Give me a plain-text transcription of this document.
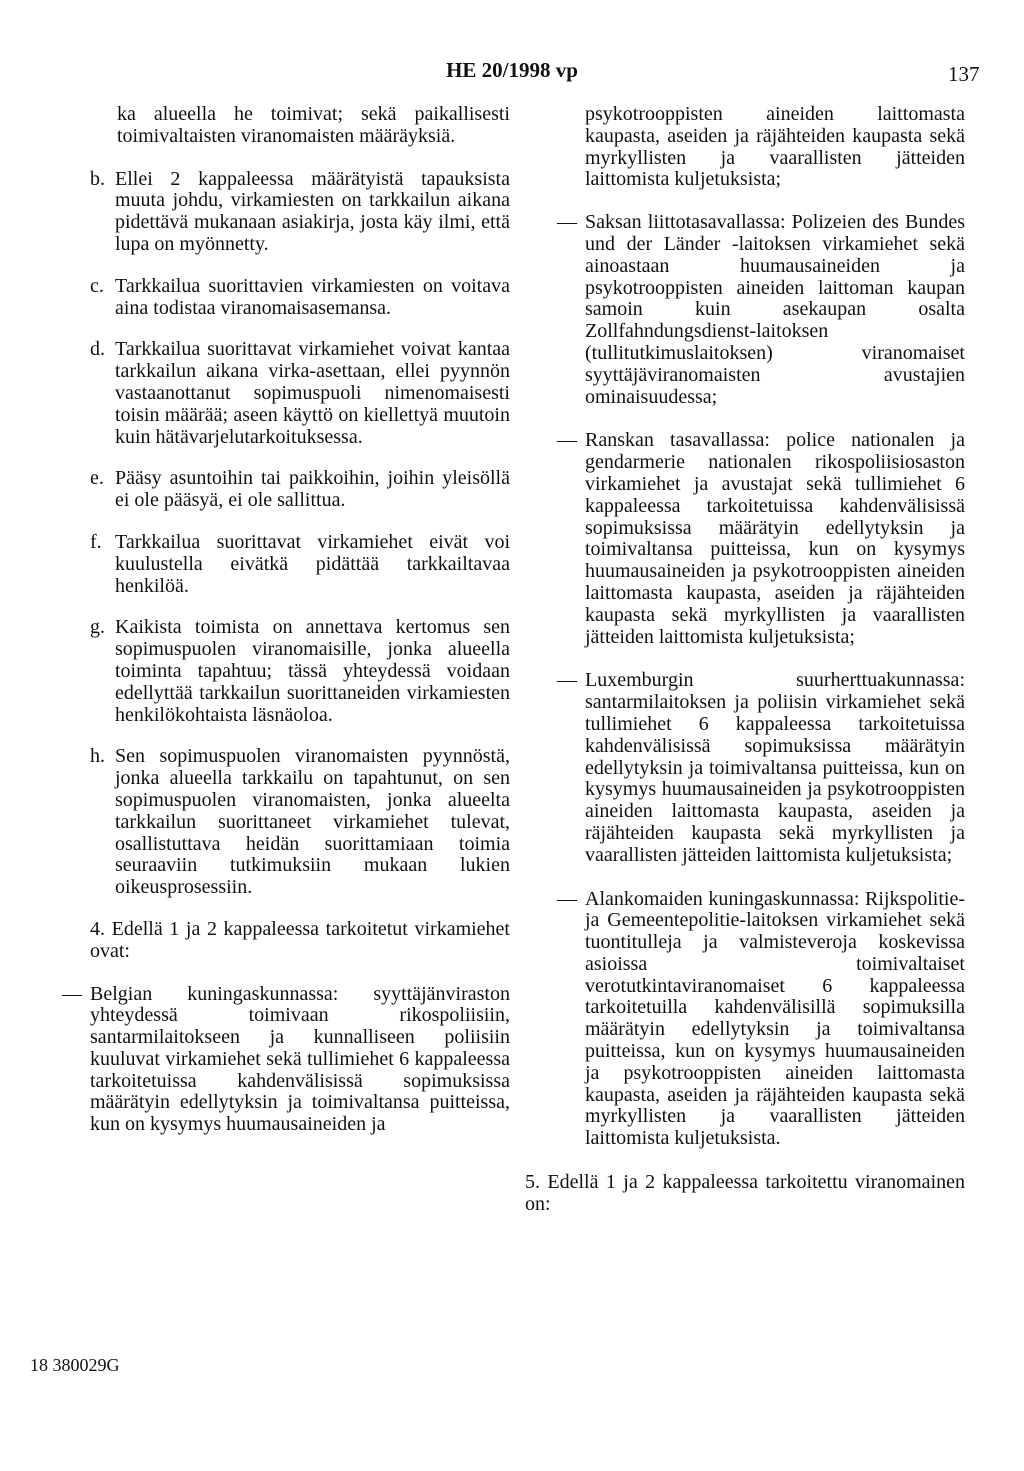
HE 20/1998 vp	137

ka alueella he toimivat; sekä paikallisesti toimivaltaisten viranomaisten määräyksiä.

b. Ellei 2 kappaleessa määrätyistä tapauksista muuta johdu, virkamiesten on tarkkailun aikana pidettävä mukanaan asiakirja, josta käy ilmi, että lupa on myönnetty.
c. Tarkkailua suorittavien virkamiesten on voitava aina todistaa viranomaisasemansa.
d. Tarkkailua suorittavat virkamiehet voivat kantaa tarkkailun aikana virka-asettaan, ellei pyynnön vastaanottanut sopimuspuoli nimenomaisesti toisin määrää; aseen käyttö on kiellettyä muutoin kuin hätävarjelutarkoituksessa.
e. Pääsy asuntoihin tai paikkoihin, joihin yleisöllä ei ole pääsyä, ei ole sallittua.
f. Tarkkailua suorittavat virkamiehet eivät voi kuulustella eivätkä pidättää tarkkailtavaa henkilöä.
g. Kaikista toimista on annettava kertomus sen sopimuspuolen viranomaisille, jonka alueella toiminta tapahtuu; tässä yhteydessä voidaan edellyttää tarkkailun suorittaneiden virkamiesten henkilökohtaista läsnäoloa.
h. Sen sopimuspuolen viranomaisten pyynnöstä, jonka alueella tarkkailu on tapahtunut, on sen sopimuspuolen viranomaisten, jonka alueelta tarkkailun suorittaneet virkamiehet tulevat, osallistuttava heidän suorittamiaan toimia seuraaviin tutkimuksiin mukaan lukien oikeusprosessiin.

4. Edellä 1 ja 2 kappaleessa tarkoitetut virkamiehet ovat:

— Belgian kuningaskunnassa: syyttäjänviraston yhteydessä toimivaan rikospoliisiin, santarmilaitokseen ja kunnalliseen poliisiin kuuluvat virkamiehet sekä tullimiehet 6 kappaleessa tarkoitetuissa kahdenvälisissä sopimuksissa määrätyin edellytyksin ja toimivaltansa puitteissa, kun on kysymys huumausaineiden ja

psykotrooppisten aineiden laittomasta kaupasta, aseiden ja räjähteiden kaupasta sekä myrkyllisten ja vaarallisten jätteiden laittomista kuljetuksista;

— Saksan liittotasavallassa: Polizeien des Bundes und der Länder -laitoksen virkamiehet sekä ainoastaan huumausaineiden ja psykotrooppisten aineiden laittoman kaupan samoin kuin asekaupan osalta Zollfahndungsdienst-laitoksen (tullitutkimuslaitoksen) viranomaiset syyttäjäviranomaisten avustajien ominaisuudessa;
— Ranskan tasavallassa: police nationalen ja gendarmerie nationalen rikospoliisiosaston virkamiehet ja avustajat sekä tullimiehet 6 kappaleessa tarkoitetuissa kahdenvälisissä sopimuksissa määrätyin edellytyksin ja toimivaltansa puitteissa, kun on kysymys huumausaineiden ja psykotrooppisten aineiden laittomasta kaupasta, aseiden ja räjähteiden kaupasta sekä myrkyllisten ja vaarallisten jätteiden laittomista kuljetuksista;
— Luxemburgin suurherttuakunnassa: santarmilaitoksen ja poliisin virkamiehet sekä tullimiehet 6 kappaleessa tarkoitetuissa kahdenvälisissä sopimuksissa määrätyin edellytyksin ja toimivaltansa puitteissa, kun on kysymys huumausaineiden ja psykotrooppisten aineiden laittomasta kaupasta, aseiden ja räjähteiden kaupasta sekä myrkyllisten ja vaarallisten jätteiden laittomista kuljetuksista;
— Alankomaiden kuningaskunnassa: Rijkspolitie- ja Gemeentepolitie-laitoksen virkamiehet sekä tuontitulleja ja valmisteveroja koskevissa asioissa toimivaltaiset verotutkintaviranomaiset 6 kappaleessa tarkoitetuilla kahdenvälisillä sopimuksilla määrätyin edellytyksin ja toimivaltansa puitteissa, kun on kysymys huumausaineiden ja psykotrooppisten aineiden laittomasta kaupasta, aseiden ja räjähteiden kaupasta sekä myrkyllisten ja vaarallisten jätteiden laittomista kuljetuksista.

5. Edellä 1 ja 2 kappaleessa tarkoitettu viranomainen on:

18 380029G
